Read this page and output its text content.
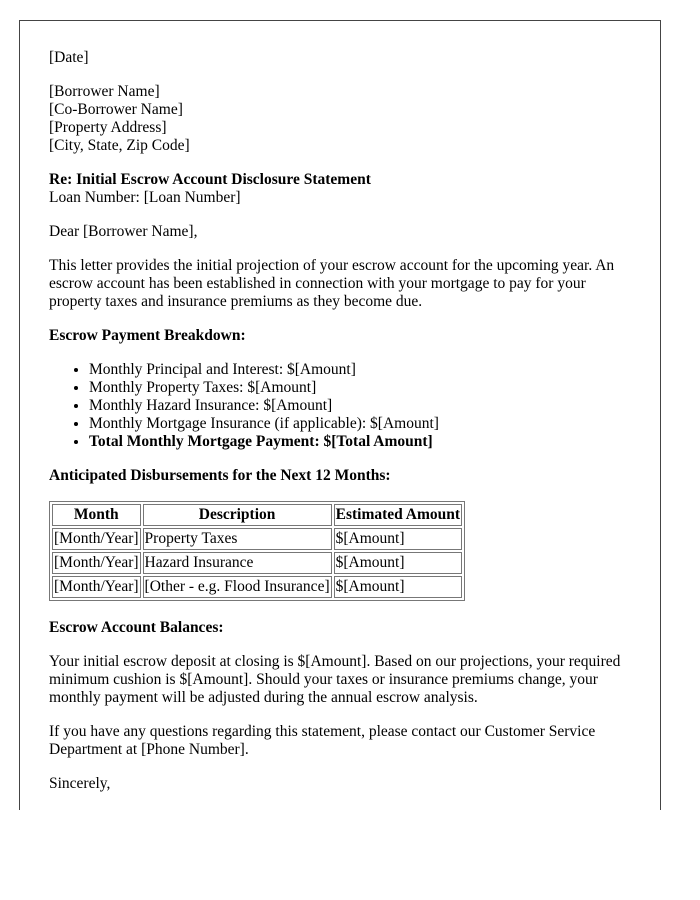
[Date]

[Borrower Name]
[Co-Borrower Name]
[Property Address]
[City, State, Zip Code]
Re: Initial Escrow Account Disclosure Statement
Loan Number: [Loan Number]

Dear [Borrower Name],

This letter provides the initial projection of your escrow account for the upcoming year. An escrow account has been established in connection with your mortgage to pay for your property taxes and insurance premiums as they become due.

Escrow Payment Breakdown:

• Monthly Principal and Interest: $[Amount]
• Monthly Property Taxes: $[Amount]
• Monthly Hazard Insurance: $[Amount]
• Monthly Mortgage Insurance (if applicable): $[Amount]
• Total Monthly Mortgage Payment: $[Total Amount]

Anticipated Disbursements for the Next 12 Months:

Month	Description	Estimated Amount
[Month/Year]	Property Taxes	$[Amount]
[Month/Year]	Hazard Insurance	$[Amount]
[Month/Year]	[Other - e.g. Flood Insurance]	$[Amount]

Escrow Account Balances:

Your initial escrow deposit at closing is $[Amount]. Based on our projections, your required minimum cushion is $[Amount]. Should your taxes or insurance premiums change, your monthly payment will be adjusted during the annual escrow analysis.

If you have any questions regarding this statement, please contact our Customer Service Department at [Phone Number].

Sincerely,
